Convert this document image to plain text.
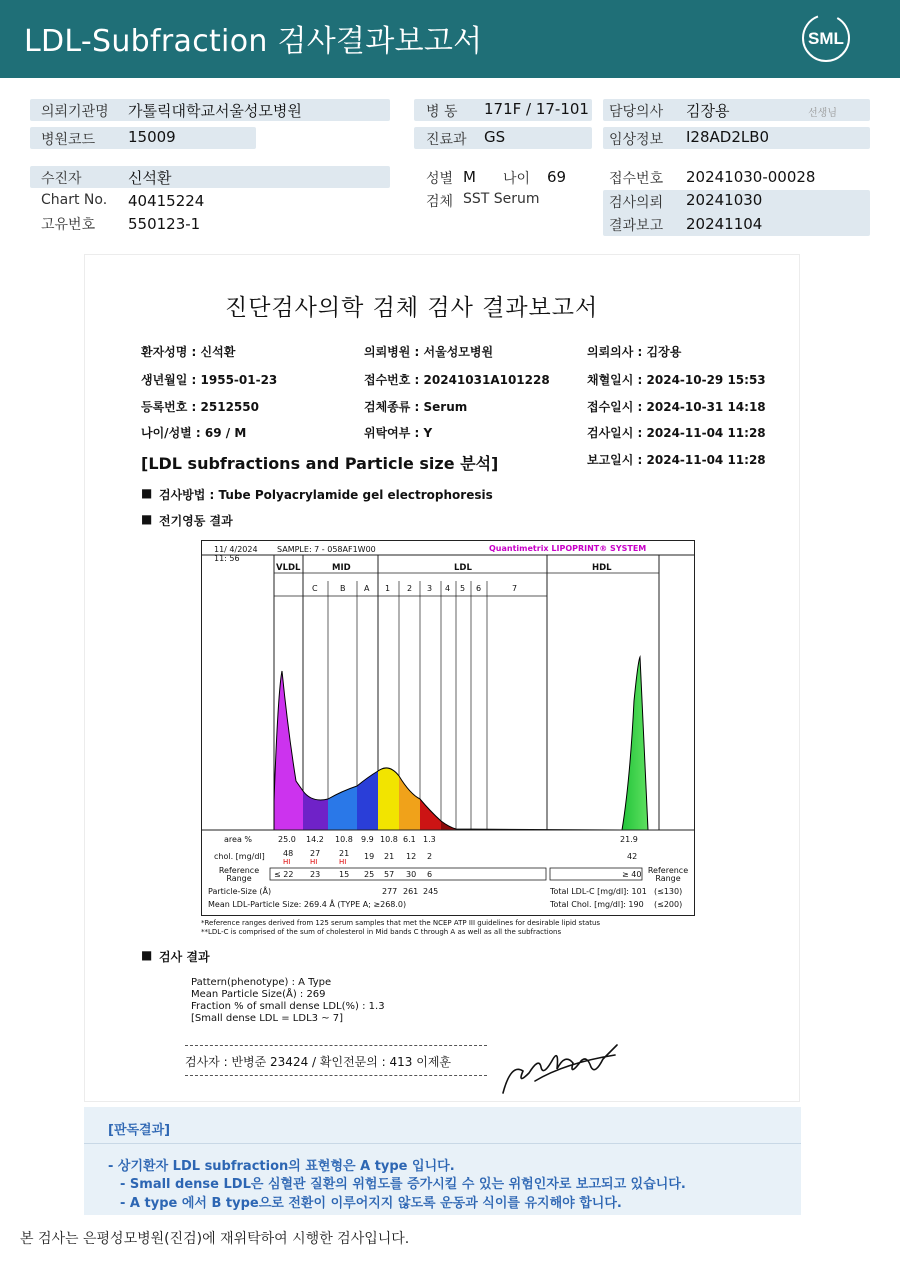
LDL-Subfraction 검사결과보고서	SML
의뢰기관명 가톨릭대학교서울성모병원
병원코드 15009
병 동 171F / 17-101
진료과 GS
담당의사 김장용	선생님
임상정보 I28AD2LB0
수진자	신석환
Chart No. 40415224
고유번호 550123-1
성별 M 나이 69
검체 SST Serum
접수번호 20241030-00028
검사의뢰 20241030
결과보고 20241104
진단검사의학 검체 검사 결과보고서
환자성명 : 신석환	의뢰병원 : 서울성모병원	의뢰의사 : 김장용
생년월일 : 1955-01-23	접수번호 : 20241031A101228	채혈일시 : 2024-10-29 15:53
등록번호 : 2512550	검체종류 : Serum	접수일시 : 2024-10-31 14:18
나이/성별 : 69 / M	위탁여부 : Y	검사일시 : 2024-11-04 11:28
[LDL subfractions and Particle size 분석]	보고일시 : 2024-11-04 11:28
■ 검사방법 : Tube Polyacrylamide gel electrophoresis
■ 전기영동 결과
11/ 4/2024
11: 56
SAMPLE: 7 - 058AF1W00	Quantimetrix LIPOPRINT® SYSTEM
VLDL	MID	LDL	HDL
C	B A 1 2 3 4 5 6	7
area %	25.0 14.2 10.8 9.9 10.8 6.1 1.3	21.9
chol. [mg/dl] 48 27 21 19 21 12 2	42
HI	HI	HI
Reference Range	≤ 22 23 15 25 57 30 6	≥ 40 Reference Range
Particle-Size (Å)	277 261 245	Total LDL-C [mg/dl]: 101 (≤130)
Mean LDL-Particle Size: 269.4 Å (TYPE A; ≥268.0)	Total Chol. [mg/dl]: 190 (≤200)
*Reference ranges derived from 125 serum samples that met the NCEP ATP III guidelines for desirable lipid status
**LDL-C is comprised of the sum of cholesterol in Mid bands C through A as well as all the subfractions
■ 검사 결과
Pattern(phenotype) : A Type
Mean Particle Size(Å) : 269
Fraction % of small dense LDL(%) : 1.3
[Small dense LDL = LDL3 ~ 7]
검사자 : 반병준 23424 / 확인전문의 : 413 이제훈
[판독결과]
- 상기환자 LDL subfraction의 표현형은 A type 입니다.
- Small dense LDL은 심혈관 질환의 위험도를 증가시킬 수 있는 위험인자로 보고되고 있습니다.
- A type 에서 B type으로 전환이 이루어지지 않도록 운동과 식이를 유지해야 합니다.
본 검사는 은평성모병원(진검)에 재위탁하여 시행한 검사입니다.
